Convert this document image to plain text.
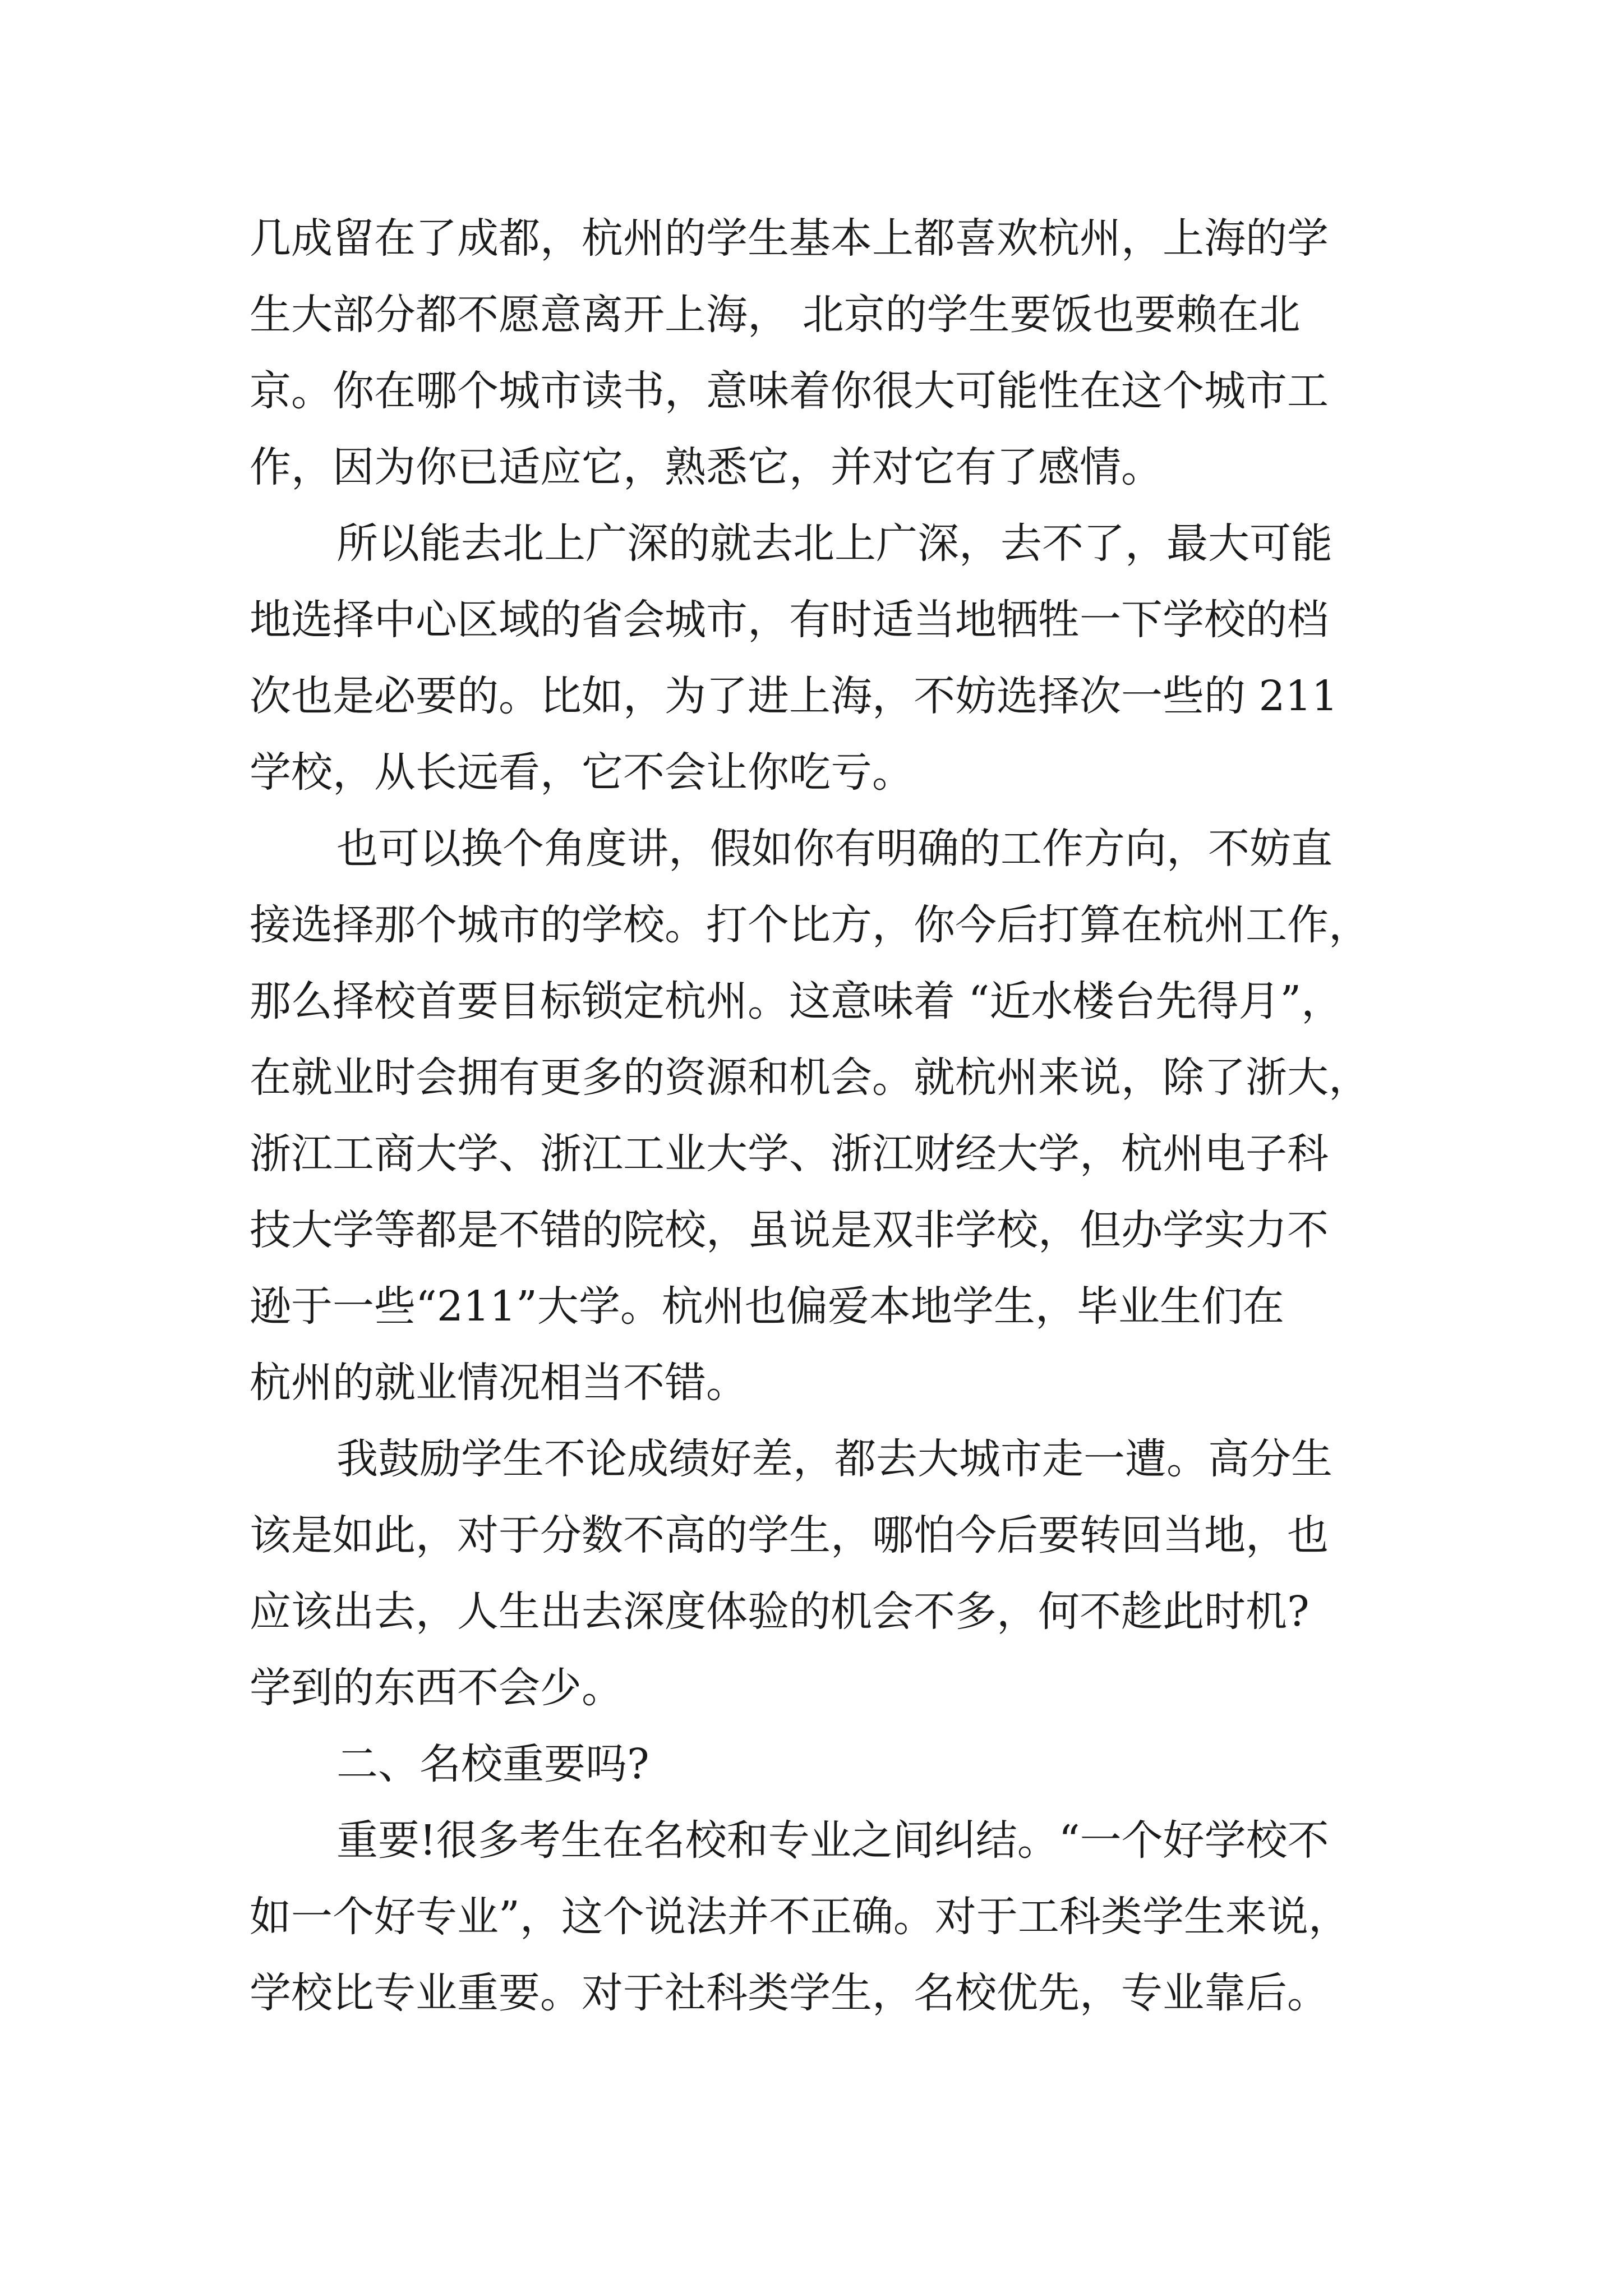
几成留在了成都，杭州的学生基本上都喜欢杭州，上海的学

生大部分都不愿意离开上海， 北京的学生要饭也要赖在北

京。你在哪个城市读书，意味着你很大可能性在这个城市工

作，因为你已适应它，熟悉它，并对它有了感情。

所以能去北上广深的就去北上广深，去不了，最大可能

地选择中心区域的省会城市，有时适当地牺牲一下学校的档

次也是必要的。比如，为了进上海，不妨选择次一些的 211

学校，从长远看，它不会让你吃亏。

也可以换个角度讲，假如你有明确的工作方向，不妨直

接选择那个城市的学校。打个比方，你今后打算在杭州工作，

那么择校首要目标锁定杭州。这意味着 “近水楼台先得月”，

在就业时会拥有更多的资源和机会。就杭州来说，除了浙大，

浙江工商大学、浙江工业大学、浙江财经大学，杭州电子科

技大学等都是不错的院校，虽说是双非学校，但办学实力不

逊于一些“211”大学。杭州也偏爱本地学生，毕业生们在

杭州的就业情况相当不错。

我鼓励学生不论成绩好差，都去大城市走一遭。高分生

该是如此，对于分数不高的学生，哪怕今后要转回当地，也

应该出去，人生出去深度体验的机会不多，何不趁此时机?

学到的东西不会少。

二、名校重要吗?

重要!很多考生在名校和专业之间纠结。“一个好学校不

如一个好专业”，这个说法并不正确。对于工科类学生来说，

学校比专业重要。对于社科类学生，名校优先，专业靠后。
